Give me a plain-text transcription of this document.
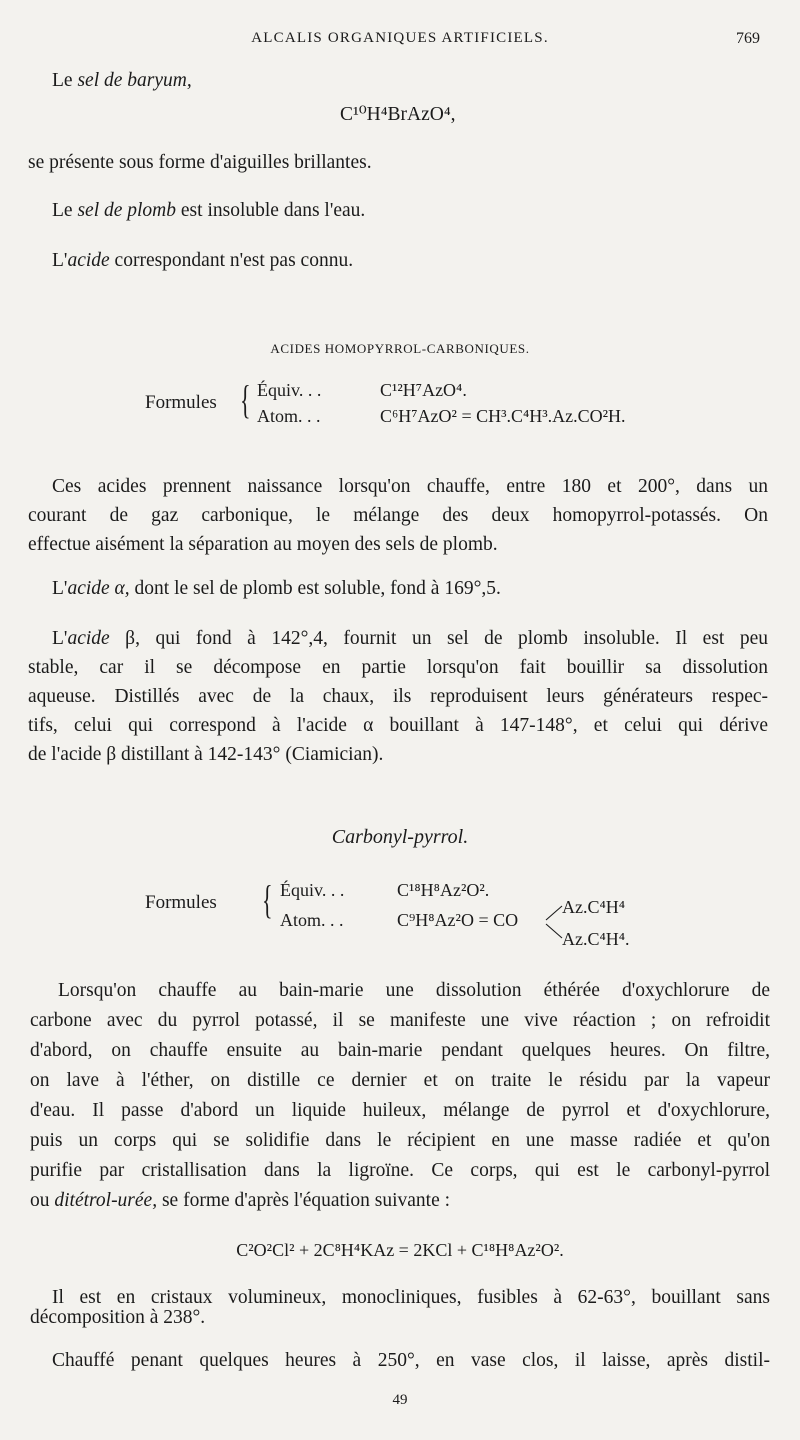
ALCALIS ORGANIQUES ARTIFICIELS.	769
Le sel de baryum,
C¹⁰H⁴BrAzO⁴,
se présente sous forme d'aiguilles brillantes.
Le sel de plomb est insoluble dans l'eau.
L'acide correspondant n'est pas connu.
ACIDES HOMOPYRROL-CARBONIQUES.
Formules { Équiv. . .	C¹²H⁷AzO⁴.
Atom. . .	C⁶H⁷AzO² = CH³.C⁴H³.Az.CO²H.
Ces acides prennent naissance lorsqu'on chauffe, entre 180 et 200°, dans un
courant de gaz carbonique, le mélange des deux homopyrrol-potassés. On
effectue aisément la séparation au moyen des sels de plomb.
L'acide α, dont le sel de plomb est soluble, fond à 169°,5.
L'acide β, qui fond à 142°,4, fournit un sel de plomb insoluble. Il est peu
stable, car il se décompose en partie lorsqu'on fait bouillir sa dissolution
aqueuse. Distillés avec de la chaux, ils reproduisent leurs générateurs respec-
tifs, celui qui correspond à l'acide α bouillant à 147-148°, et celui qui dérive
de l'acide β distillant à 142-143° (Ciamician).
Carbonyl-pyrrol.
Formules { Équiv. . .	C¹⁸H⁸Az²O².
Atom. . .	C⁹H⁸Az²O = CO
Az.C⁴H⁴
Az.C⁴H⁴.
Lorsqu'on chauffe au bain-marie une dissolution éthérée d'oxychlorure de
carbone avec du pyrrol potassé, il se manifeste une vive réaction ; on refroidit
d'abord, on chauffe ensuite au bain-marie pendant quelques heures. On filtre,
on lave à l'éther, on distille ce dernier et on traite le résidu par la vapeur
d'eau. Il passe d'abord un liquide huileux, mélange de pyrrol et d'oxychlorure,
puis un corps qui se solidifie dans le récipient en une masse radiée et qu'on
purifie par cristallisation dans la ligroïne. Ce corps, qui est le carbonyl-pyrrol
ou ditétrol-urée, se forme d'après l'équation suivante :
C²O²Cl² + 2C⁸H⁴KAz = 2KCl + C¹⁸H⁸Az²O².
Il est en cristaux volumineux, monocliniques, fusibles à 62-63°, bouillant sans
décomposition à 238°.
Chauffé penant quelques heures à 250°, en vase clos, il laisse, après distil-
49
